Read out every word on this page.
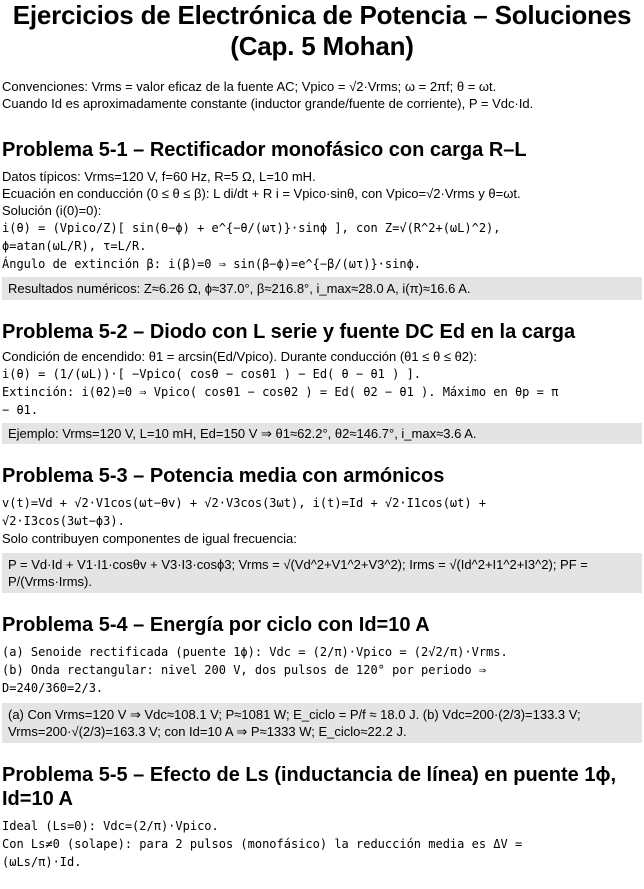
Ejercicios de Electrónica de Potencia – Soluciones
(Cap. 5 Mohan)
Convenciones: Vrms = valor eficaz de la fuente AC; Vpico = √2·Vrms; ω = 2πf; θ = ωt.
Cuando Id es aproximadamente constante (inductor grande/fuente de corriente), P = Vdc·Id.
Problema 5-1 – Rectificador monofásico con carga R–L
Datos típicos: Vrms=120 V, f=60 Hz, R=5 Ω, L=10 mH.
Ecuación en conducción (0 ≤ θ ≤ β): L di/dt + R i = Vpico·sinθ, con Vpico=√2·Vrms y θ=ωt.
Solución (i(0)=0):
i(θ) = (Vpico/Z)[ sin(θ−ϕ) + e^{−θ/(ωτ)}·sinϕ ], con Z=√(R^2+(ωL)^2),
ϕ=atan(ωL/R), τ=L/R.
Ángulo de extinción β: i(β)=0 ⇒ sin(β−ϕ)=e^{−β/(ωτ)}·sinϕ.
Resultados numéricos: Z≈6.26 Ω, ϕ≈37.0°, β≈216.8°, i_max≈28.0 A, i(π)≈16.6 A.
Problema 5-2 – Diodo con L serie y fuente DC Ed en la carga
Condición de encendido: θ1 = arcsin(Ed/Vpico). Durante conducción (θ1 ≤ θ ≤ θ2):
i(θ) = (1/(ωL))·[ −Vpico( cosθ − cosθ1 ) − Ed( θ − θ1 ) ].
Extinción: i(θ2)=0 ⇒ Vpico( cosθ1 − cosθ2 ) = Ed( θ2 − θ1 ). Máximo en θp = π
− θ1.
Ejemplo: Vrms=120 V, L=10 mH, Ed=150 V ⇒ θ1≈62.2°, θ2≈146.7°, i_max≈3.6 A.
Problema 5-3 – Potencia media con armónicos
v(t)=Vd + √2·V1cos(ωt−θv) + √2·V3cos(3ωt), i(t)=Id + √2·I1cos(ωt) +
√2·I3cos(3ωt−ϕ3).
Solo contribuyen componentes de igual frecuencia:
P = Vd·Id + V1·I1·cosθv + V3·I3·cosϕ3; Vrms = √(Vd^2+V1^2+V3^2); Irms = √(Id^2+I1^2+I3^2); PF = P/(Vrms·Irms).
Problema 5-4 – Energía por ciclo con Id=10 A
(a) Senoide rectificada (puente 1ϕ): Vdc = (2/π)·Vpico = (2√2/π)·Vrms.
(b) Onda rectangular: nivel 200 V, dos pulsos de 120° por periodo ⇒
D=240/360=2/3.
(a) Con Vrms=120 V ⇒ Vdc≈108.1 V; P≈1081 W; E_ciclo = P/f ≈ 18.0 J. (b) Vdc=200·(2/3)=133.3 V; Vrms=200·√(2/3)=163.3 V; con Id=10 A ⇒ P≈1333 W; E_ciclo≈22.2 J.
Problema 5-5 – Efecto de Ls (inductancia de línea) en puente 1ϕ, Id=10 A
Ideal (Ls=0): Vdc=(2/π)·Vpico.
Con Ls≠0 (solape): para 2 pulsos (monofásico) la reducción media es ΔV =
(ωLs/π)·Id.
